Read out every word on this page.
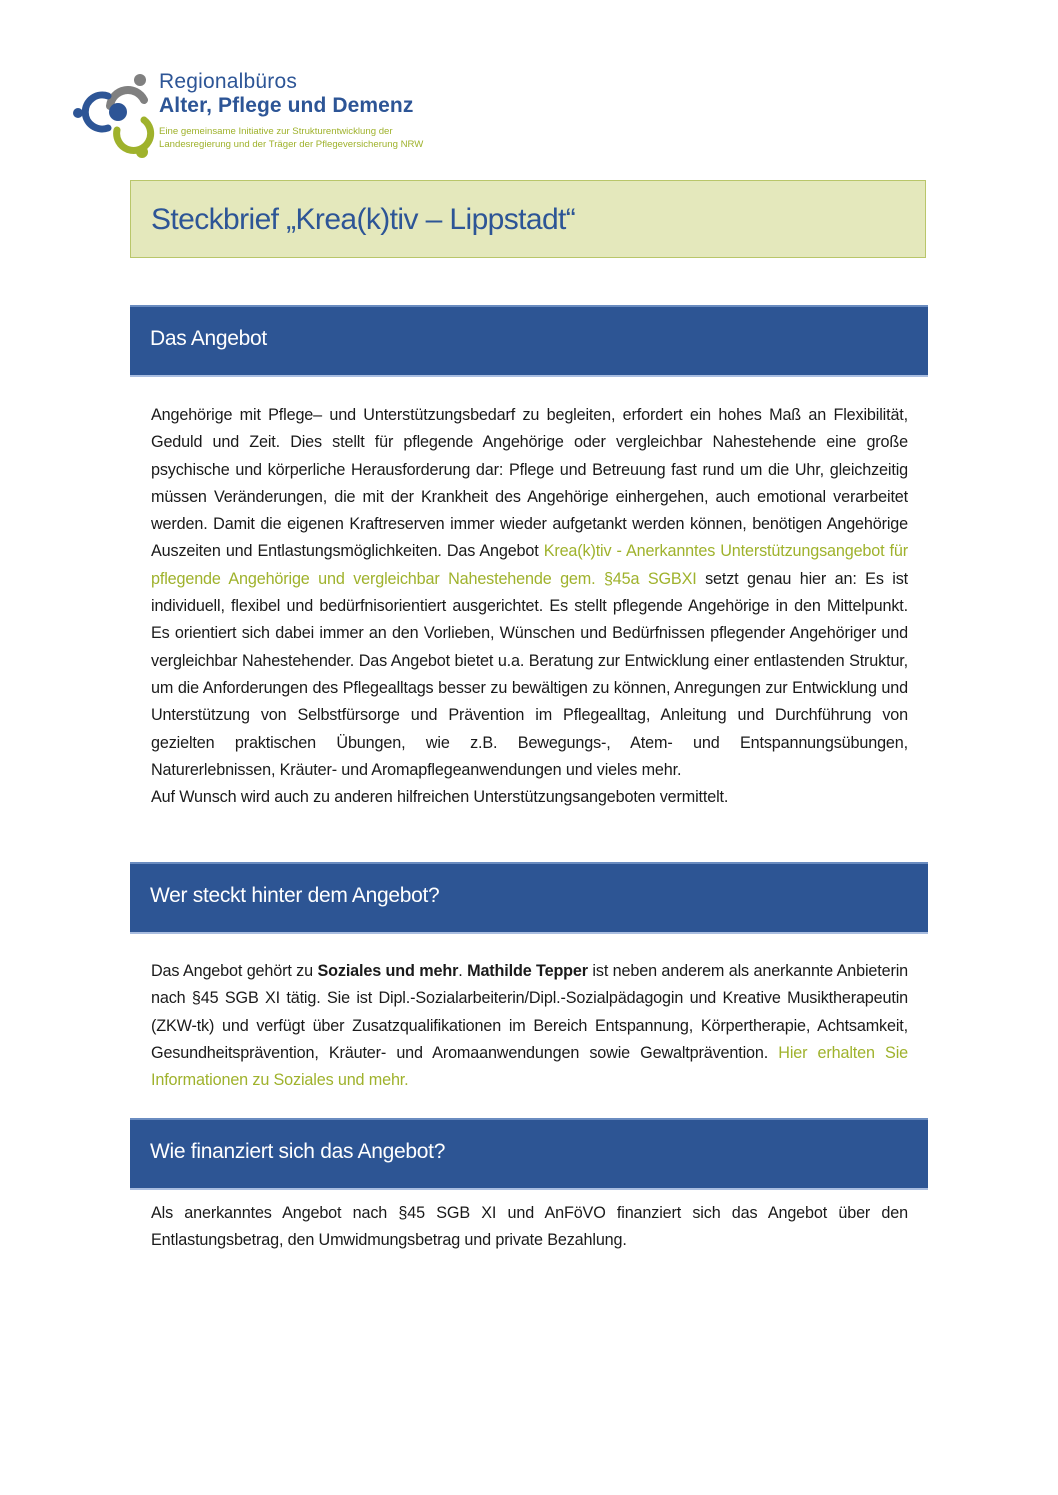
Regionalbüros
Alter, Pflege und Demenz
Eine gemeinsame Initiative zur Strukturentwicklung der
Landesregierung und der Träger der Pflegeversicherung NRW
Steckbrief „Krea(k)tiv – Lippstadt“
Das Angebot
Angehörige mit Pflege– und Unterstützungsbedarf zu begleiten, erfordert ein hohes Maß an Flexibilität, Geduld und Zeit. Dies stellt für pflegende Angehörige oder vergleichbar Nahestehende eine große psychische und körperliche Herausforderung dar: Pflege und Betreuung fast rund um die Uhr, gleichzeitig müssen Veränderungen, die mit der Krankheit des Angehörige einhergehen, auch emotional verarbeitet werden. Damit die eigenen Kraftreserven immer wieder aufgetankt werden können, benötigen Angehörige Auszeiten und Entlastungsmöglichkeiten. Das Angebot Krea(k)tiv - Anerkanntes Unterstützungsangebot für pflegende Angehörige und vergleichbar Nahestehende gem. §45a SGBXI setzt genau hier an: Es ist individuell, flexibel und bedürfnisorientiert ausgerichtet. Es stellt pflegende Angehörige in den Mittelpunkt. Es orientiert sich dabei immer an den Vorlieben, Wünschen und Bedürfnissen pflegender Angehöriger und vergleichbar Nahestehender. Das Angebot bietet u.a. Beratung zur Entwicklung einer entlastenden Struktur, um die Anforderungen des Pflegealltags besser zu bewältigen zu können, Anregungen zur Entwicklung und Unterstützung von Selbstfürsorge und Prävention im Pflegealltag, Anleitung und Durchführung von gezielten praktischen Übungen, wie z.B. Bewegungs-, Atem- und Entspannungsübungen, Naturerlebnissen, Kräuter- und Aromapflegeanwendungen und vieles mehr.
Auf Wunsch wird auch zu anderen hilfreichen Unterstützungsangeboten vermittelt.
Wer steckt hinter dem Angebot?
Das Angebot gehört zu Soziales und mehr. Mathilde Tepper ist neben anderem als anerkannte Anbieterin nach §45 SGB XI tätig. Sie ist Dipl.-Sozialarbeiterin/Dipl.-Sozialpädagogin und Kreative Musiktherapeutin (ZKW-tk) und verfügt über Zusatzqualifikationen im Bereich Entspannung, Körpertherapie, Achtsamkeit, Gesundheitsprävention, Kräuter- und Aromaanwendungen sowie Gewaltprävention. Hier erhalten Sie Informationen zu Soziales und mehr.
Wie finanziert sich das Angebot?
Als anerkanntes Angebot nach §45 SGB XI und AnFöVO finanziert sich das Angebot über den Entlastungsbetrag, den Umwidmungsbetrag und private Bezahlung.
